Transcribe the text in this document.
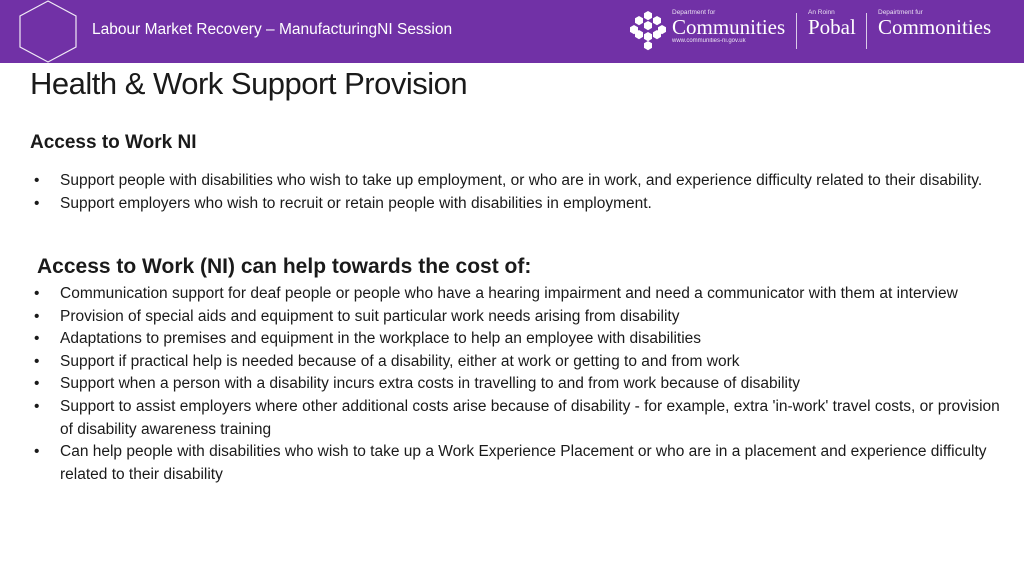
Labour Market Recovery – ManufacturingNI Session
Department for
Communities
www.communities-ni.gov.uk
An Roinn
Pobal
Depairtment fur
Commonities
Health & Work Support Provision
Access to Work NI
• Support people with disabilities who wish to take up employment, or who are in work, and experience difficulty related to their disability.
• Support employers who wish to recruit or retain people with disabilities in employment.
Access to Work (NI) can help towards the cost of:
• Communication support for deaf people or people who have a hearing impairment and need a communicator with them at interview
• Provision of special aids and equipment to suit particular work needs arising from disability
• Adaptations to premises and equipment in the workplace to help an employee with disabilities
• Support if practical help is needed because of a disability, either at work or getting to and from work
• Support when a person with a disability incurs extra costs in travelling to and from work because of disability
• Support to assist employers where other additional costs arise because of disability - for example, extra 'in-work' travel costs, or provision of disability awareness training
• Can help people with disabilities who wish to take up a Work Experience Placement or who are in a placement and experience difficulty related to their disability
